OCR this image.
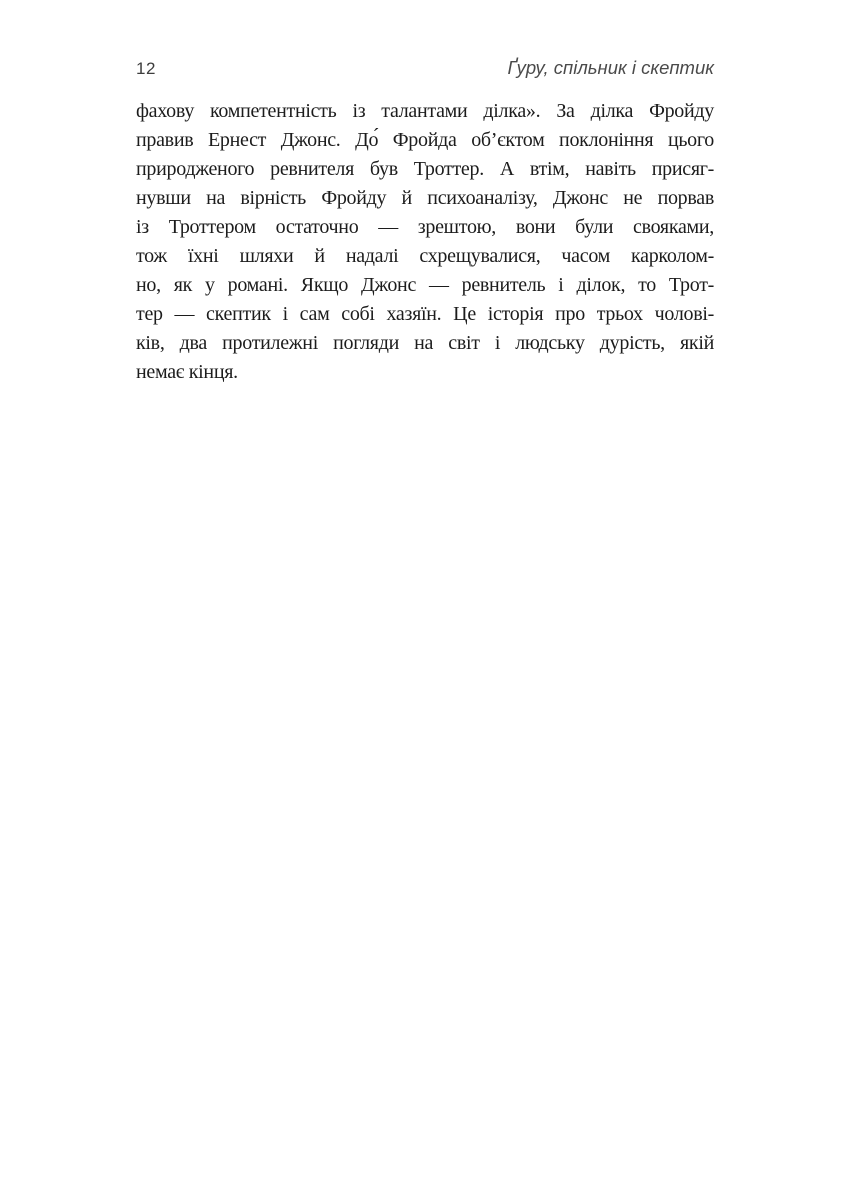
12	Ґуру, спільник і скептик
фахову компетентність із талантами ділка». За ділка Фройду
правив Ернест Джонс. До́ Фройда об’єктом поклоніння цього
природженого ревнителя був Троттер. А втім, навіть присяг-
нувши на вірність Фройду й психоаналізу, Джонс не порвав
із Троттером остаточно — зрештою, вони були свояками,
тож їхні шляхи й надалі схрещувалися, часом карколом-
но, як у романі. Якщо Джонс — ревнитель і ділок, то Трот-
тер — скептик і сам собі хазяїн. Це історія про трьох чолові-
ків, два протилежні погляди на світ і людську дурість, якій
немає кінця.
